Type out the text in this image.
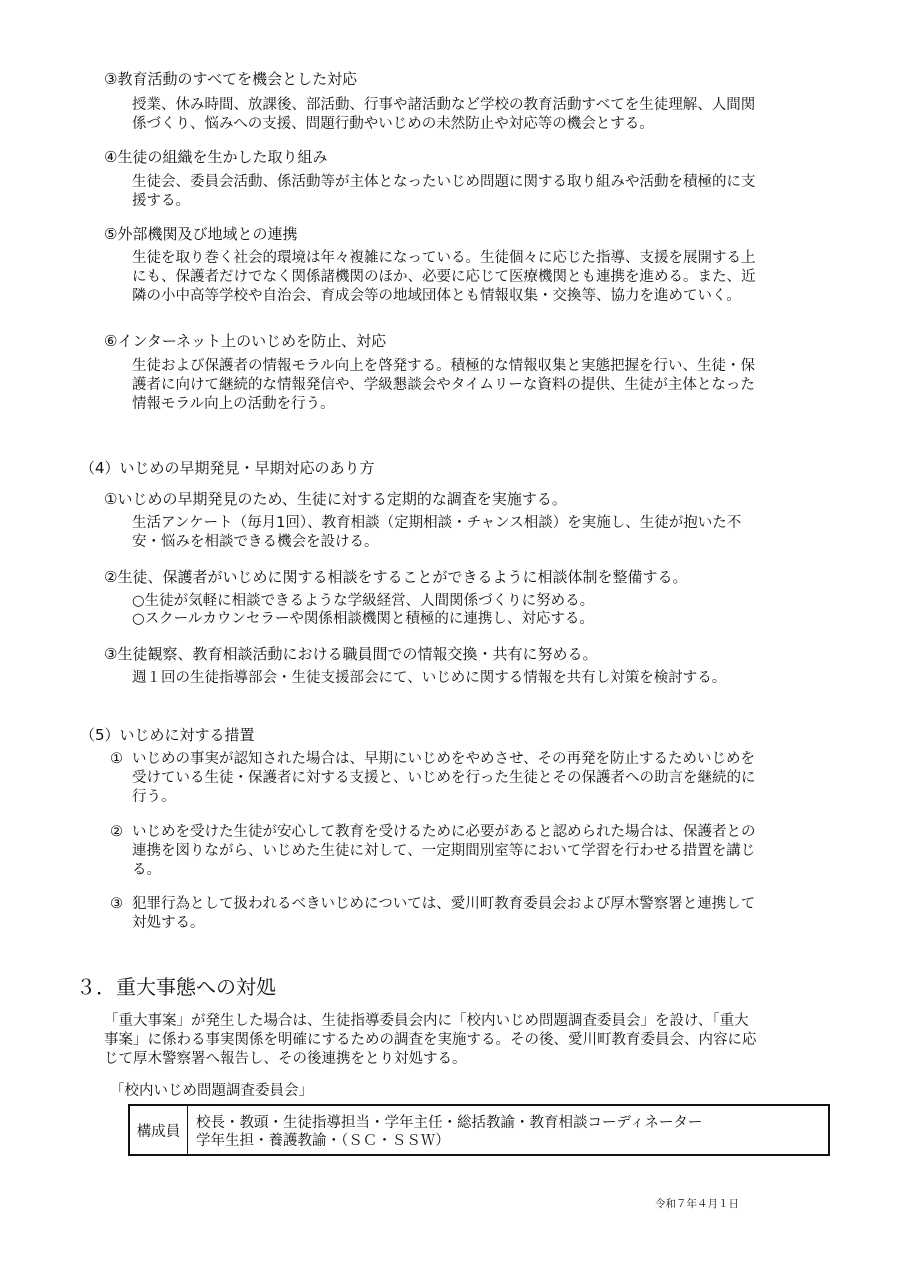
③教育活動のすべてを機会とした対応
授業、休み時間、放課後、部活動、行事や諸活動など学校の教育活動すべてを生徒理解、人間関
係づくり、悩みへの支援、問題行動やいじめの未然防止や対応等の機会とする。
④生徒の組織を生かした取り組み
生徒会、委員会活動、係活動等が主体となったいじめ問題に関する取り組みや活動を積極的に支
援する。
⑤外部機関及び地域との連携
生徒を取り巻く社会的環境は年々複雑になっている。生徒個々に応じた指導、支援を展開する上
にも、保護者だけでなく関係諸機関のほか、必要に応じて医療機関とも連携を進める。また、近
隣の小中高等学校や自治会、育成会等の地域団体とも情報収集・交換等、協力を進めていく。
⑥インターネット上のいじめを防止、対応
生徒および保護者の情報モラル向上を啓発する。積極的な情報収集と実態把握を行い、生徒・保
護者に向けて継続的な情報発信や、学級懇談会やタイムリーな資料の提供、生徒が主体となった
情報モラル向上の活動を行う。
（4）いじめの早期発見・早期対応のあり方
①いじめの早期発見のため、生徒に対する定期的な調査を実施する。
生活アンケート（毎月1回）、教育相談（定期相談・チャンス相談）を実施し、生徒が抱いた不
安・悩みを相談できる機会を設ける。
②生徒、保護者がいじめに関する相談をすることができるように相談体制を整備する。
○生徒が気軽に相談できるような学級経営、人間関係づくりに努める。
○スクールカウンセラーや関係相談機関と積極的に連携し、対応する。
③生徒観察、教育相談活動における職員間での情報交換・共有に努める。
週１回の生徒指導部会・生徒支援部会にて、いじめに関する情報を共有し対策を検討する。
（5）いじめに対する措置
① いじめの事実が認知された場合は、早期にいじめをやめさせ、その再発を防止するためいじめを
受けている生徒・保護者に対する支援と、いじめを行った生徒とその保護者への助言を継続的に
行う。
② いじめを受けた生徒が安心して教育を受けるために必要があると認められた場合は、保護者との
連携を図りながら、いじめた生徒に対して、一定期間別室等において学習を行わせる措置を講じ
る。
③ 犯罪行為として扱われるべきいじめについては、愛川町教育委員会および厚木警察署と連携して
対処する。
３．重大事態への対処
「重大事案」が発生した場合は、生徒指導委員会内に「校内いじめ問題調査委員会」を設け、「重大
事案」に係わる事実関係を明確にするための調査を実施する。その後、愛川町教育委員会、内容に応
じて厚木警察署へ報告し、その後連携をとり対処する。
「校内いじめ問題調査委員会」
構成員
校長・教頭・生徒指導担当・学年主任・総括教諭・教育相談コーディネーター
学年生担・養護教諭・（ＳＣ・ＳＳＷ）
令和７年４月１日
